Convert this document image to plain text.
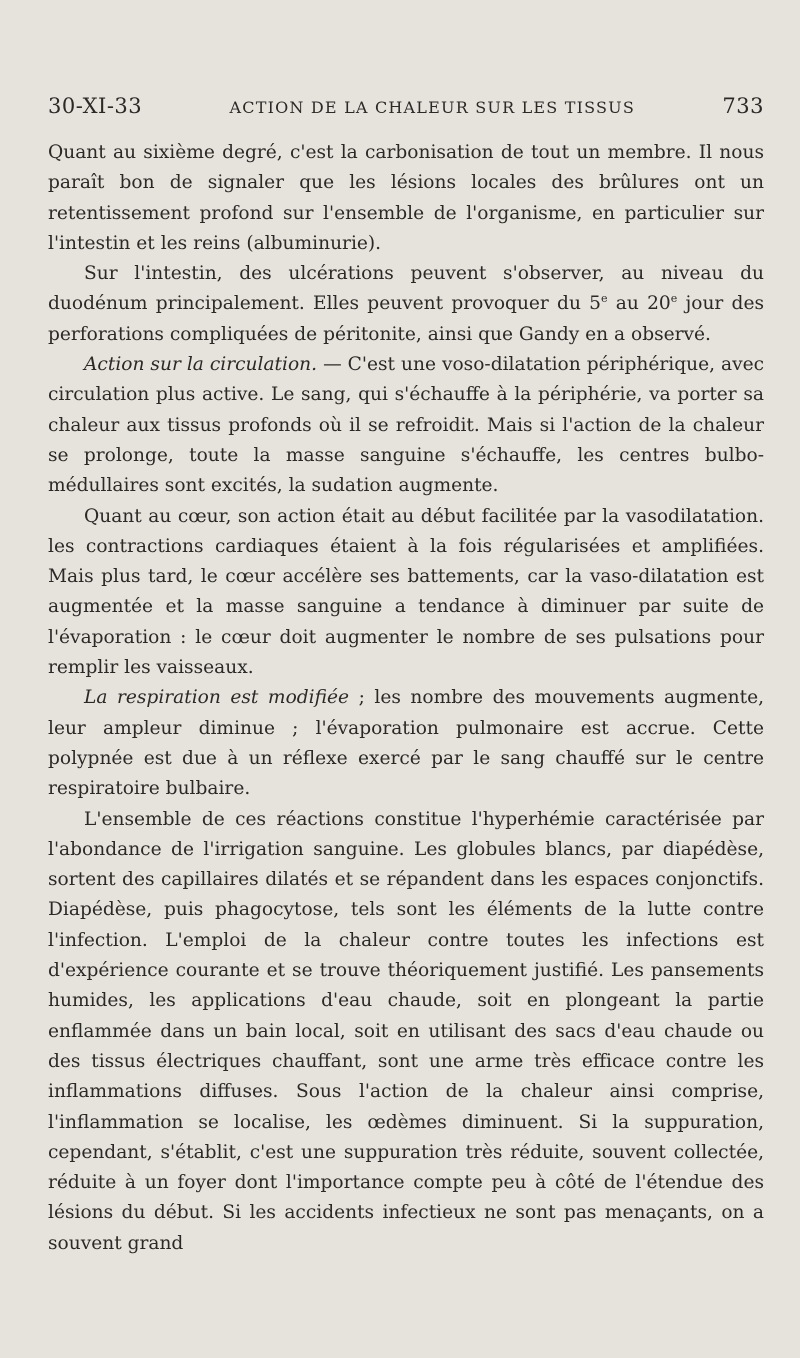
30-XI-33	ACTION DE LA CHALEUR SUR LES TISSUS	733

Quant au sixième degré, c'est la carbonisation de tout un membre. Il nous paraît bon de signaler que les lésions locales des brûlures ont un retentissement profond sur l'ensemble de l'organisme, en particulier sur l'intestin et les reins (albuminurie).

Sur l'intestin, des ulcérations peuvent s'observer, au niveau du duodénum principalement. Elles peuvent provoquer du 5e au 20e jour des perforations compliquées de péritonite, ainsi que Gandy en a observé.

Action sur la circulation. — C'est une voso-dilatation périphérique, avec circulation plus active. Le sang, qui s'échauffe à la périphérie, va porter sa chaleur aux tissus profonds où il se refroidit. Mais si l'action de la chaleur se prolonge, toute la masse sanguine s'échauffe, les centres bulbo-médullaires sont excités, la sudation augmente.

Quant au cœur, son action était au début facilitée par la vasodilatation. les contractions cardiaques étaient à la fois régularisées et amplifiées. Mais plus tard, le cœur accélère ses battements, car la vaso-dilatation est augmentée et la masse sanguine a tendance à diminuer par suite de l'évaporation : le cœur doit augmenter le nombre de ses pulsations pour remplir les vaisseaux.

La respiration est modifiée ; les nombre des mouvements augmente, leur ampleur diminue ; l'évaporation pulmonaire est accrue. Cette polypnée est due à un réflexe exercé par le sang chauffé sur le centre respiratoire bulbaire.

L'ensemble de ces réactions constitue l'hyperhémie caractérisée par l'abondance de l'irrigation sanguine. Les globules blancs, par diapédèse, sortent des capillaires dilatés et se répandent dans les espaces conjonctifs. Diapédèse, puis phagocytose, tels sont les éléments de la lutte contre l'infection. L'emploi de la chaleur contre toutes les infections est d'expérience courante et se trouve théoriquement justifié. Les pansements humides, les applications d'eau chaude, soit en plongeant la partie enflammée dans un bain local, soit en utilisant des sacs d'eau chaude ou des tissus électriques chauffant, sont une arme très efficace contre les inflammations diffuses. Sous l'action de la chaleur ainsi comprise, l'inflammation se localise, les œdèmes diminuent. Si la suppuration, cependant, s'établit, c'est une suppuration très réduite, souvent collectée, réduite à un foyer dont l'importance compte peu à côté de l'étendue des lésions du début. Si les accidents infectieux ne sont pas menaçants, on a souvent grand
